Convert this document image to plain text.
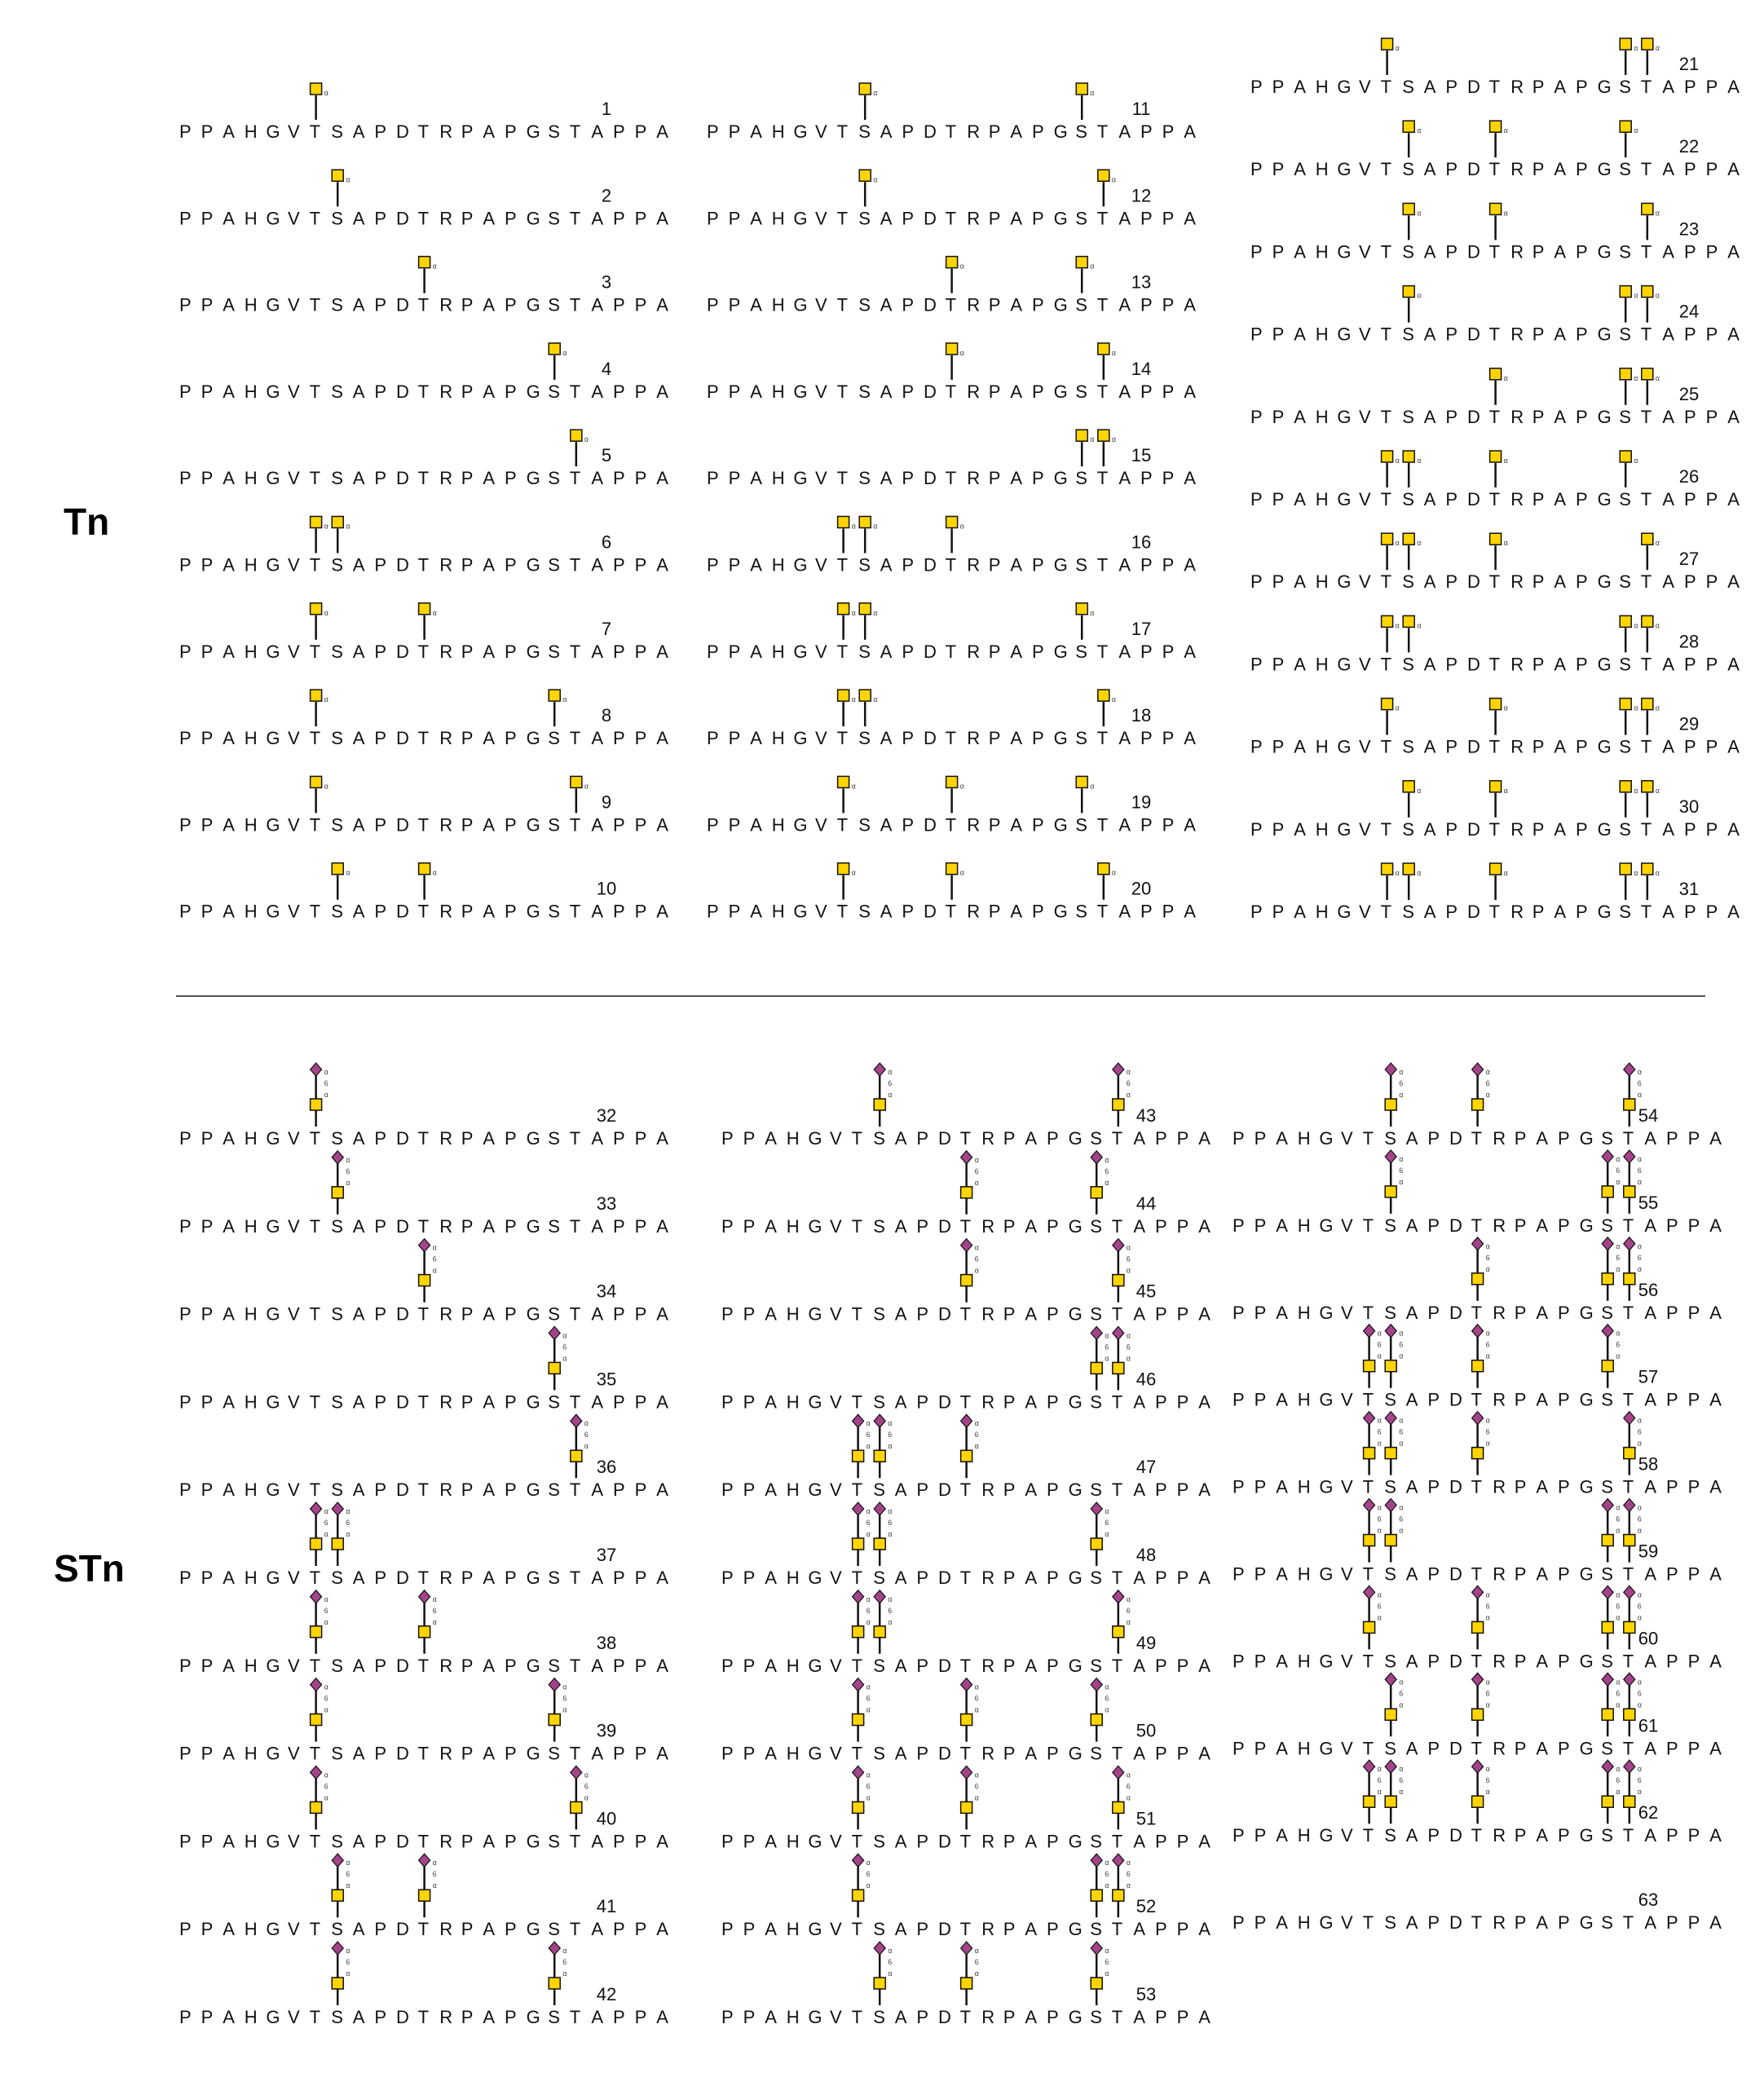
Tn
STn
1
PPAHGVTSAPDTRPAPGSTAPPA
α
2
PPAHGVTSAPDTRPAPGSTAPPA
α
3
PPAHGVTSAPDTRPAPGSTAPPA
α
4
PPAHGVTSAPDTRPAPGSTAPPA
α
5
PPAHGVTSAPDTRPAPGSTAPPA
α
6
PPAHGVTSAPDTRPAPGSTAPPA
α α
7
PPAHGVTSAPDTRPAPGSTAPPA
α	α
8
PPAHGVTSAPDTRPAPGSTAPPA
α	α
9
PPAHGVTSAPDTRPAPGSTAPPA
α	α
10
PPAHGVTSAPDTRPAPGSTAPPA
α	α
11
PPAHGVTSAPDTRPAPGSTAPPA
α	α
12
PPAHGVTSAPDTRPAPGSTAPPA
α	α
13
PPAHGVTSAPDTRPAPGSTAPPA
α	α
14
PPAHGVTSAPDTRPAPGSTAPPA
α	α
15
PPAHGVTSAPDTRPAPGSTAPPA
α α
16
PPAHGVTSAPDTRPAPGSTAPPA
α α	α
17
PPAHGVTSAPDTRPAPGSTAPPA
α α	α
18
PPAHGVTSAPDTRPAPGSTAPPA
α α	α
19
PPAHGVTSAPDTRPAPGSTAPPA
α	α	α
20
PPAHGVTSAPDTRPAPGSTAPPA
α	α	α
21
PPAHGVTSAPDTRPAPGSTAPPA
α	α α
22
PPAHGVTSAPDTRPAPGSTAPPA
α	α	α
23
PPAHGVTSAPDTRPAPGSTAPPA
α	α	α
24
PPAHGVTSAPDTRPAPGSTAPPA
α	α α
25
PPAHGVTSAPDTRPAPGSTAPPA
α	α α
26
PPAHGVTSAPDTRPAPGSTAPPA
α α	α	α
27
PPAHGVTSAPDTRPAPGSTAPPA
α α	α	α
28
PPAHGVTSAPDTRPAPGSTAPPA
α α	α α
29
PPAHGVTSAPDTRPAPGSTAPPA
α	α	α α
30
PPAHGVTSAPDTRPAPGSTAPPA
α	α	α α
31
PPAHGVTSAPDTRPAPGSTAPPA
α α	α	α α
32
PPAHGVTSAPDTRPAPGSTAPPA
α
6
α
33
PPAHGVTSAPDTRPAPGSTAPPA
α
6
α
34
PPAHGVTSAPDTRPAPGSTAPPA
α
6
α
35
PPAHGVTSAPDTRPAPGSTAPPA
α
6
α
36
PPAHGVTSAPDTRPAPGSTAPPA
α
6
α
37
PPAHGVTSAPDTRPAPGSTAPPA
α
6
α
α
6
α
38
PPAHGVTSAPDTRPAPGSTAPPA
α
6
α
α
6
α
39
PPAHGVTSAPDTRPAPGSTAPPA
α
6
α
α
6
α
40
PPAHGVTSAPDTRPAPGSTAPPA
α
6
α
α
6
α
41
PPAHGVTSAPDTRPAPGSTAPPA
α
6
α
α
6
α
42
PPAHGVTSAPDTRPAPGSTAPPA
α
6
α
α
6
α
43
PPAHGVTSAPDTRPAPGSTAPPA
α
6
α
α
6
α
44
PPAHGVTSAPDTRPAPGSTAPPA
α
6
α
α
6
α
45
PPAHGVTSAPDTRPAPGSTAPPA
α
6
α
α
6
α
46
PPAHGVTSAPDTRPAPGSTAPPA
α
6
α
α
6
α
47
PPAHGVTSAPDTRPAPGSTAPPA
α
6
α
α
6
α
α
6
α
48
PPAHGVTSAPDTRPAPGSTAPPA
α
6
α
α
6
α
α
6
α
49
PPAHGVTSAPDTRPAPGSTAPPA
α
6
α
α
6
α
α
6
α
50
PPAHGVTSAPDTRPAPGSTAPPA
α
6
α
α
6
α
α
6
α
51
PPAHGVTSAPDTRPAPGSTAPPA
α
6
α
α
6
α
α
6
α
52
PPAHGVTSAPDTRPAPGSTAPPA
α
6
α
α
6
α
α
6
α
53
PPAHGVTSAPDTRPAPGSTAPPA
α
6
α
α
6
α
α
6
α
54
PPAHGVTSAPDTRPAPGSTAPPA
α
6
α
α
6
α
α
6
α
55
PPAHGVTSAPDTRPAPGSTAPPA
α
6
α
α
6
α
α
6
α
56
PPAHGVTSAPDTRPAPGSTAPPA
α
6
α
α
6
α
α
6
α
57
PPAHGVTSAPDTRPAPGSTAPPA
α
6
α
α
6
α
α
6
α
α
6
α
58
PPAHGVTSAPDTRPAPGSTAPPA
α
6
α
α
6
α
α
6
α
α
6
α
59
PPAHGVTSAPDTRPAPGSTAPPA
α
6
α
α
6
α
α
6
α
α
6
α
60
PPAHGVTSAPDTRPAPGSTAPPA
α
6
α
α
6
α
α
6
α
α
6
α
61
PPAHGVTSAPDTRPAPGSTAPPA
α
6
α
α
6
α
α
6
α
α
6
α
62
PPAHGVTSAPDTRPAPGSTAPPA
α
6
α
α
6
α
α
6
α
α
6
α
α
6
α
63
PPAHGVTSAPDTRPAPGSTAPPA
